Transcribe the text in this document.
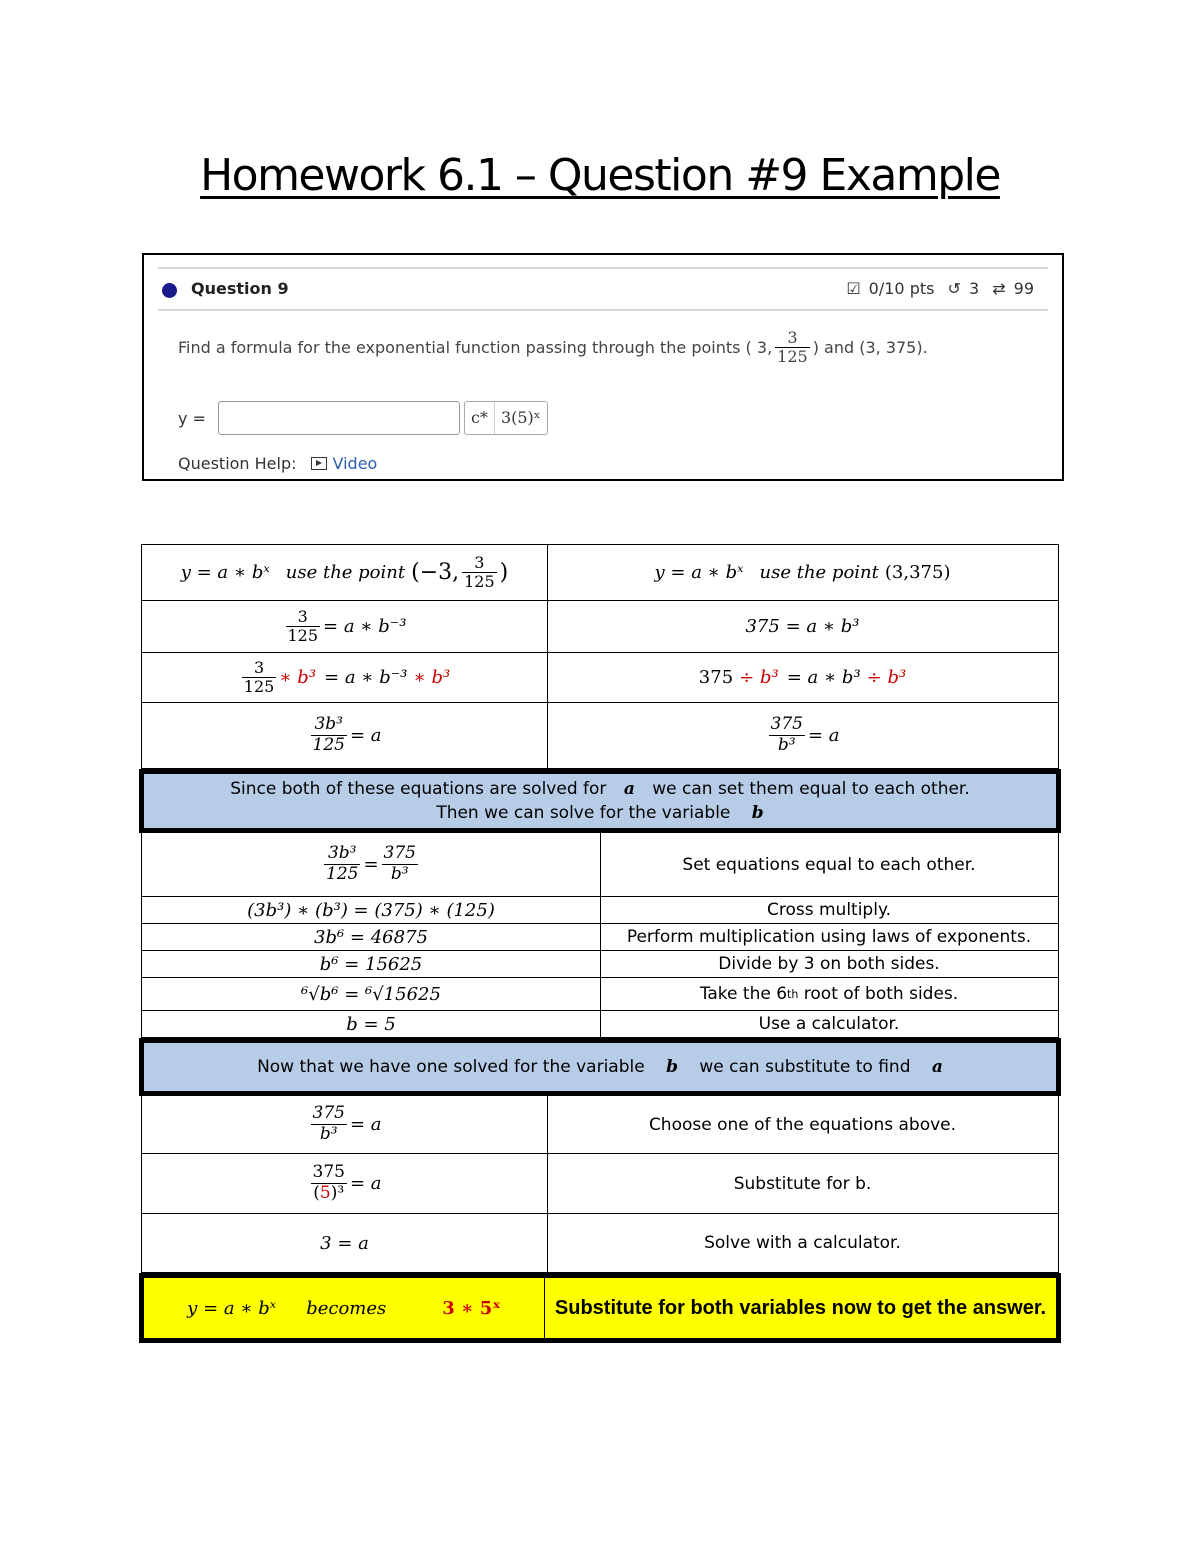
Homework 6.1 – Question #9 Example
Question 9	☑ 0/10 pts ↺ 3 ⇄ 99
Find a formula for the exponential function passing through the points ( 3, $\frac{3}{125}$ ) and (3, 375).
y =	c* 3(5)ˣ
Question Help: Video
y = a ∗ bˣ use the point (−3, $\frac{3}{125}$ )	y = a ∗ bˣ use the point (3,375)
$\frac{3}{125} = a$ ∗ b⁻³	375 = a ∗ b³
$\frac{3}{125}$ ∗ b³ = a ∗ b⁻³ ∗ b³	375 ÷ b³ = a ∗ b³ ÷ b³
$\frac{\text{3b³}}{125} = a$	$\frac{375}{\text{b³}} = a$
Since both of these equations are solved for a we can set them equal to each other.
Then we can solve for the variable b
$\frac{\text{3b³}}{125} = \frac{375}{\text{b³}}$	Set equations equal to each other.
(3b³) ∗ (b³) = (375) ∗ (125)	Cross multiply.
3b⁶ = 46875	Perform multiplication using laws of exponents.
b⁶ = 15625	Divide by 3 on both sides.
⁶√b⁶ = ⁶√15625	Take the 6 th root of both sides.
b = 5	Use a calculator.
Now that we have one solved for the variable b we can substitute to find a
$\frac{375}{\text{b³}} = a$	Choose one of the equations above.
$\frac{375}{\text{(5)³}} = a$	Substitute for b.
3 = a	Solve with a calculator.
y = a ∗ bˣ becomes	3 ∗ 5ˣ	Substitute for both variables now to get the answer.
